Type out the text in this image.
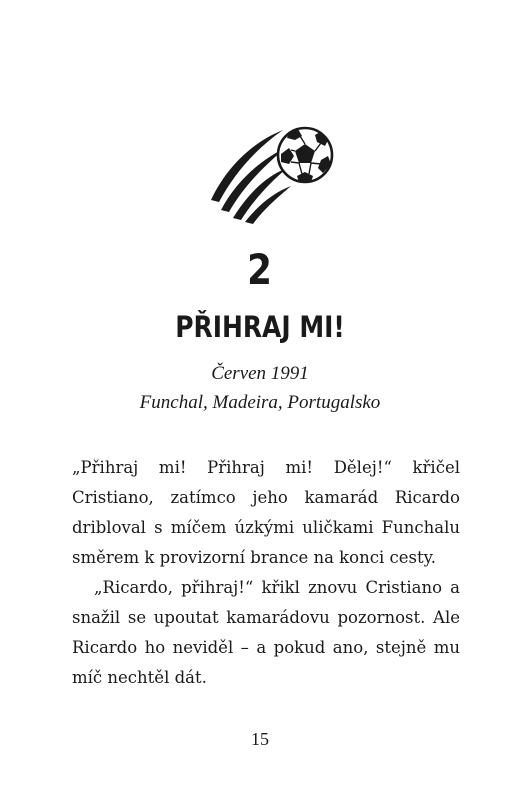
2
PŘIHRAJ MI!
Červen 1991
Funchal, Madeira, Portugalsko

„Přihraj mi! Přihraj mi! Dělej!“ křičel Cristiano, zatímco jeho kamarád Ricardo dribloval s míčem úzkými uličkami Funchalu směrem k provizorní brance na konci cesty.

„Ricardo, přihraj!“ křikl znovu Cristiano a snažil se upoutat kamarádovu pozornost. Ale Ricardo ho neviděl – a pokud ano, stejně mu míč nechtěl dát.

15
